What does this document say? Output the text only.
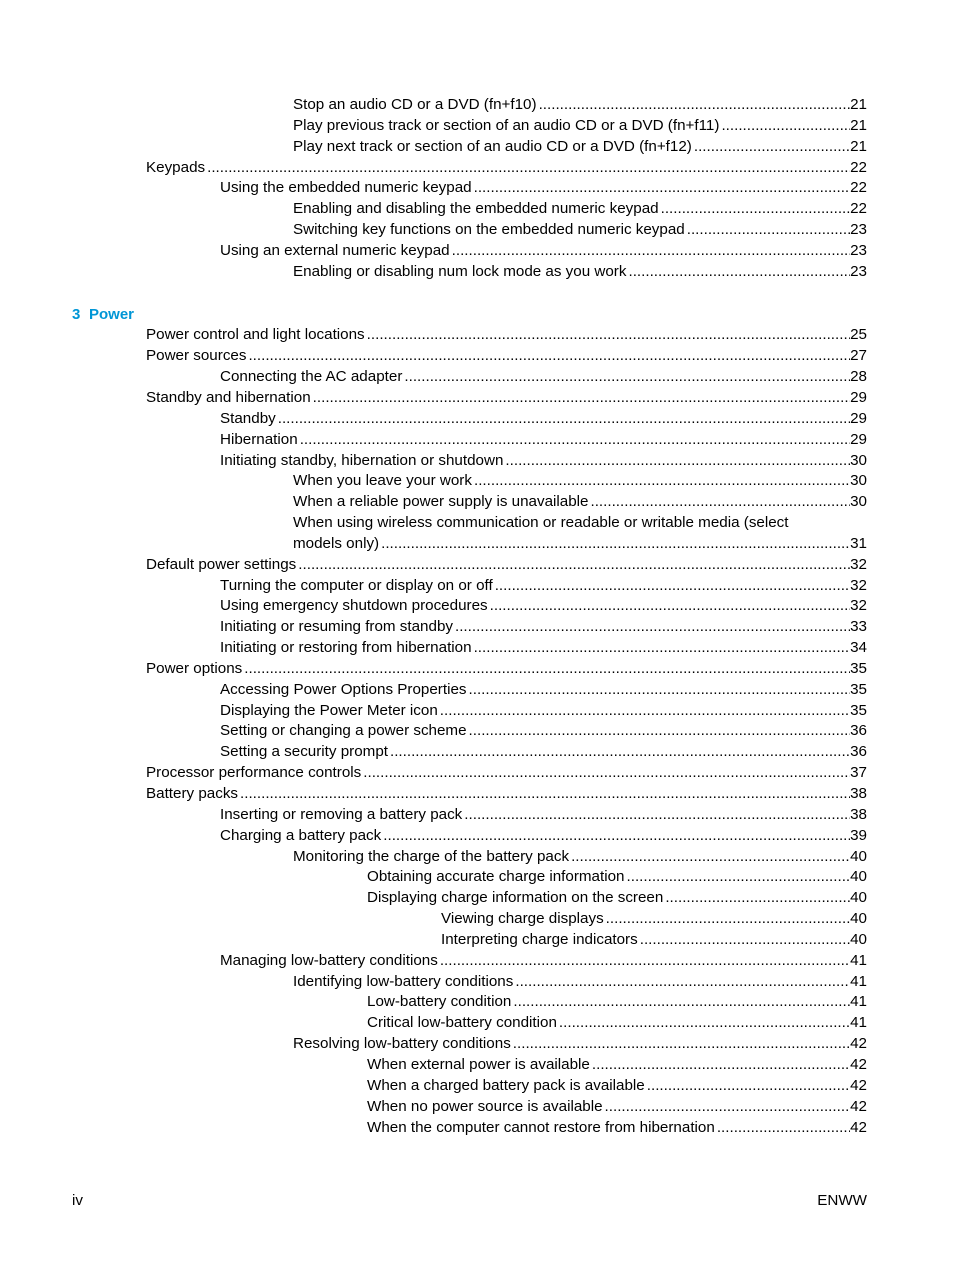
Stop an audio CD or a DVD (fn+f10) .....	21
Play previous track or section of an audio CD or a DVD (fn+f11) .....	21
Play next track or section of an audio CD or a DVD (fn+f12) .....	21
Keypads .....	22
Using the embedded numeric keypad .....	22
Enabling and disabling the embedded numeric keypad .....	22
Switching key functions on the embedded numeric keypad .....	23
Using an external numeric keypad .....	23
Enabling or disabling num lock mode as you work .....	23
3 Power
Power control and light locations .....	25
Power sources .....	27
Connecting the AC adapter .....	28
Standby and hibernation .....	29
Standby .....	29
Hibernation .....	29
Initiating standby, hibernation or shutdown .....	30
When you leave your work .....	30
When a reliable power supply is unavailable .....	30
When using wireless communication or readable or writable media (select
models only) .....	31
Default power settings .....	32
Turning the computer or display on or off .....	32
Using emergency shutdown procedures .....	32
Initiating or resuming from standby .....	33
Initiating or restoring from hibernation .....	34
Power options .....	35
Accessing Power Options Properties .....	35
Displaying the Power Meter icon .....	35
Setting or changing a power scheme .....	36
Setting a security prompt .....	36
Processor performance controls .....	37
Battery packs .....	38
Inserting or removing a battery pack .....	38
Charging a battery pack .....	39
Monitoring the charge of the battery pack .....	40
Obtaining accurate charge information .....	40
Displaying charge information on the screen .....	40
Viewing charge displays .....	40
Interpreting charge indicators .....	40
Managing low-battery conditions .....	41
Identifying low-battery conditions .....	41
Low-battery condition .....	41
Critical low-battery condition .....	41
Resolving low-battery conditions .....	42
When external power is available .....	42
When a charged battery pack is available .....	42
When no power source is available .....	42
When the computer cannot restore from hibernation .....	42
iv	ENWW
